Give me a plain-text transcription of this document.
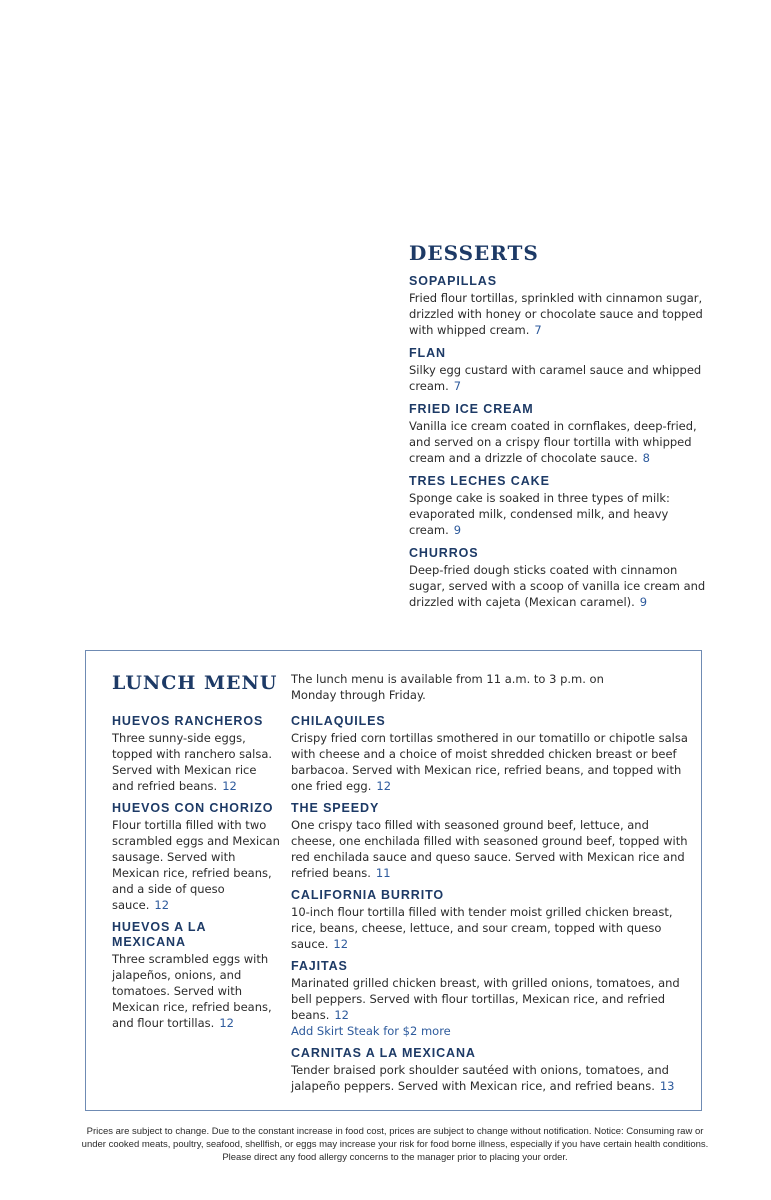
DESSERTS

SOPAPILLAS

Fried flour tortillas, sprinkled with cinnamon sugar, drizzled with honey or chocolate sauce and topped with whipped cream. 7

FLAN

Silky egg custard with caramel sauce and whipped cream. 7

FRIED ICE CREAM

Vanilla ice cream coated in cornflakes, deep-fried, and served on a crispy flour tortilla with whipped cream and a drizzle of chocolate sauce. 8

TRES LECHES CAKE

Sponge cake is soaked in three types of milk: evaporated milk, condensed milk, and heavy cream. 9

CHURROS

Deep-fried dough sticks coated with cinnamon sugar, served with a scoop of vanilla ice cream and drizzled with cajeta (Mexican caramel). 9

LUNCH MENU The lunch menu is available from 11 a.m. to 3 p.m. on Monday through Friday.

HUEVOS RANCHEROS

Three sunny-side eggs, topped with ranchero salsa. Served with Mexican rice and refried beans. 12

HUEVOS CON CHORIZO

Flour tortilla filled with two scrambled eggs and Mexican sausage. Served with Mexican rice, refried beans, and a side of queso sauce. 12

HUEVOS A LA MEXICANA

Three scrambled eggs with jalapeños, onions, and tomatoes. Served with Mexican rice, refried beans, and flour tortillas. 12

CHILAQUILES

Crispy fried corn tortillas smothered in our tomatillo or chipotle salsa with cheese and a choice of moist shredded chicken breast or beef barbacoa. Served with Mexican rice, refried beans, and topped with one fried egg. 12

THE SPEEDY

One crispy taco filled with seasoned ground beef, lettuce, and cheese, one enchilada filled with seasoned ground beef, topped with red enchilada sauce and queso sauce. Served with Mexican rice and refried beans. 11

CALIFORNIA BURRITO

10-inch flour tortilla filled with tender moist grilled chicken breast, rice, beans, cheese, lettuce, and sour cream, topped with queso sauce. 12

FAJITAS

Marinated grilled chicken breast, with grilled onions, tomatoes, and bell peppers. Served with flour tortillas, Mexican rice, and refried beans. 12

Add Skirt Steak for $2 more

CARNITAS A LA MEXICANA

Tender braised pork shoulder sautéed with onions, tomatoes, and jalapeño peppers. Served with Mexican rice, and refried beans. 13

Prices are subject to change. Due to the constant increase in food cost, prices are subject to change without notification. Notice: Consuming raw or under cooked meats, poultry, seafood, shellfish, or eggs may increase your risk for food borne illness, especially if you have certain health conditions. Please direct any food allergy concerns to the manager prior to placing your order.
